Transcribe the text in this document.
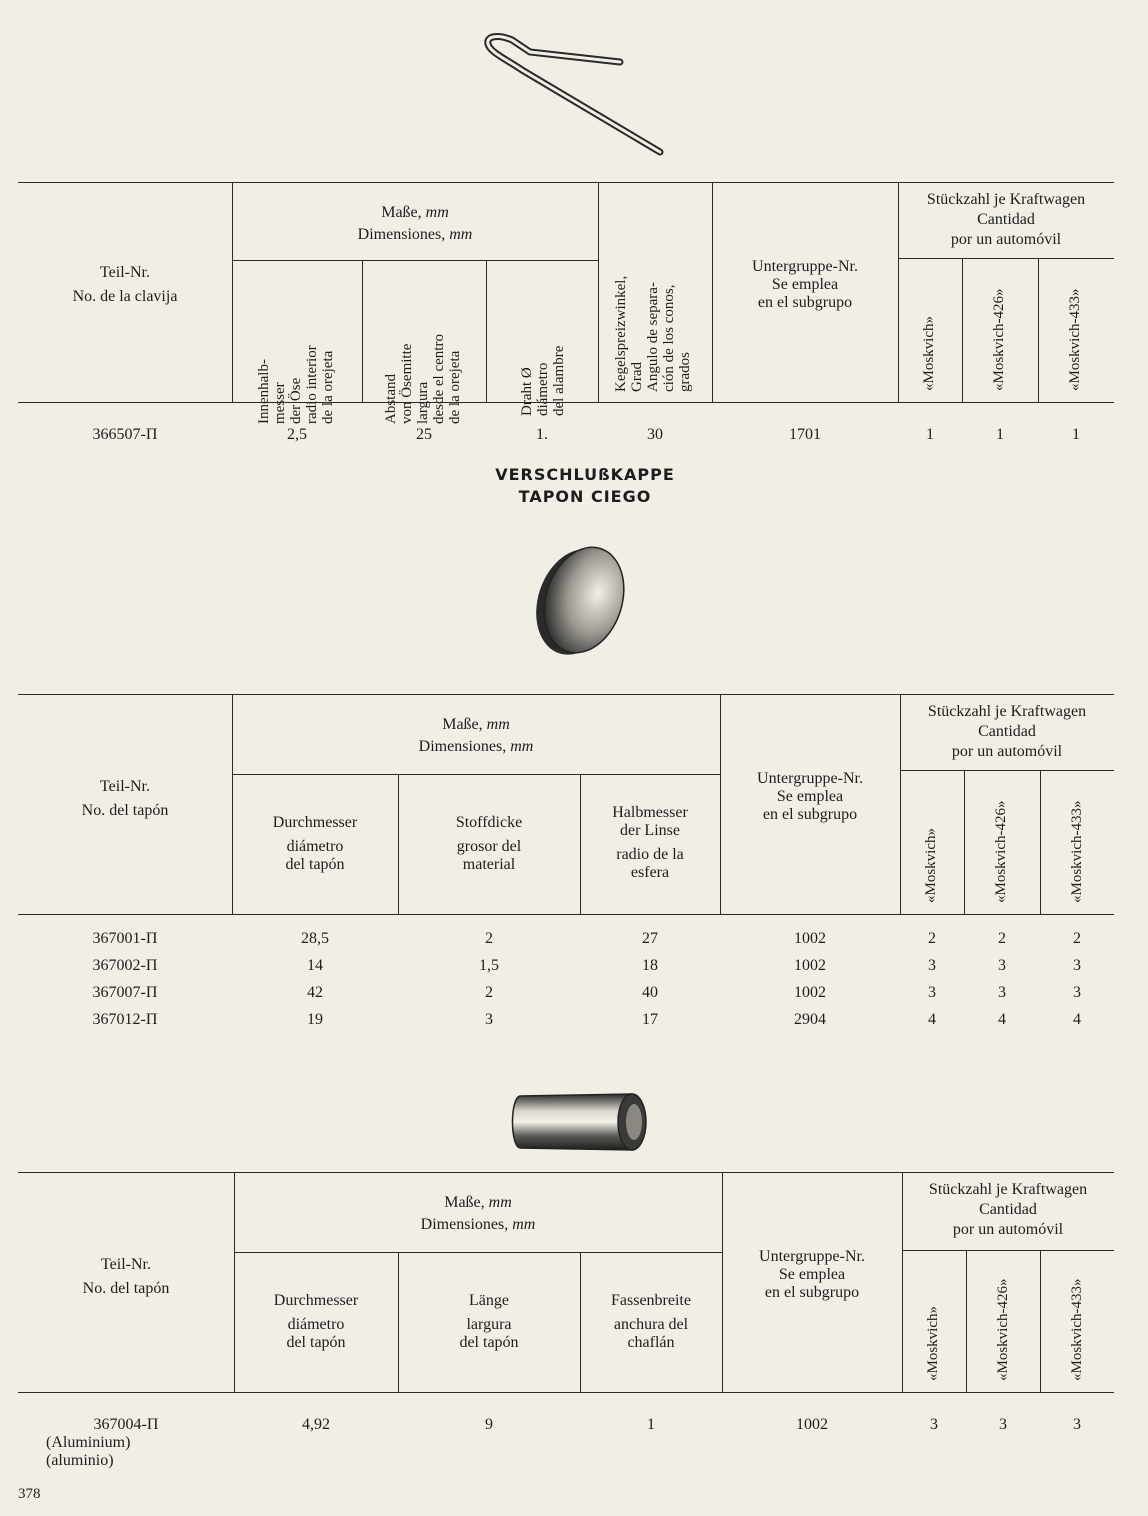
Teil-Nr.
No. de la clavija
Maße, mm
Dimensiones, mm
Innenhalb- messer der Öse radio interior de la orejeta	Abstand von Ösemitte largura desde el centro de la orejeta	Draht Ø diámetro del alambre	Kegelspreizwinkel, Grad Angulo de separa- ción de los conos, grados
Untergruppe-Nr.
Se emplea
en el subgrupo
Stückzahl je Kraftwagen
Cantidad
por un automóvil
«Moskvich»	«Moskvich-426»	«Moskvich-433»
366507-П	2,5	25	1.	30	1701	1	1	1
VERSCHLUßKAPPE
TAPON CIEGO
Teil-Nr.
No. del tapón
Maße, mm
Dimensiones, mm
Durchmesser
diámetro
del tapón
Stoffdicke
grosor del
material
Halbmesser
der Linse
radio de la
esfera
Untergruppe-Nr.
Se emplea
en el subgrupo
Stückzahl je Kraftwagen
Cantidad
por un automóvil
«Moskvich»	«Moskvich-426»	«Moskvich-433»
367001-П	28,5	2	27	1002	2	2	2
367002-П	14	1,5	18	1002	3	3	3
367007-П	42	2	40	1002	3	3	3
367012-П	19	3	17	2904	4	4	4
Teil-Nr.
No. del tapón
Maße, mm
Dimensiones, mm
Durchmesser
diámetro
del tapón
Länge
largura
del tapón
Fassenbreite
anchura del
chaflán
Untergruppe-Nr.
Se emplea
en el subgrupo
Stückzahl je Kraftwagen
Cantidad
por un automóvil
«Moskvich»	«Moskvich-426»	«Moskvich-433»
367004-П
(Aluminium)
(aluminio)
4,92	9	1	1002	3	3	3
378
